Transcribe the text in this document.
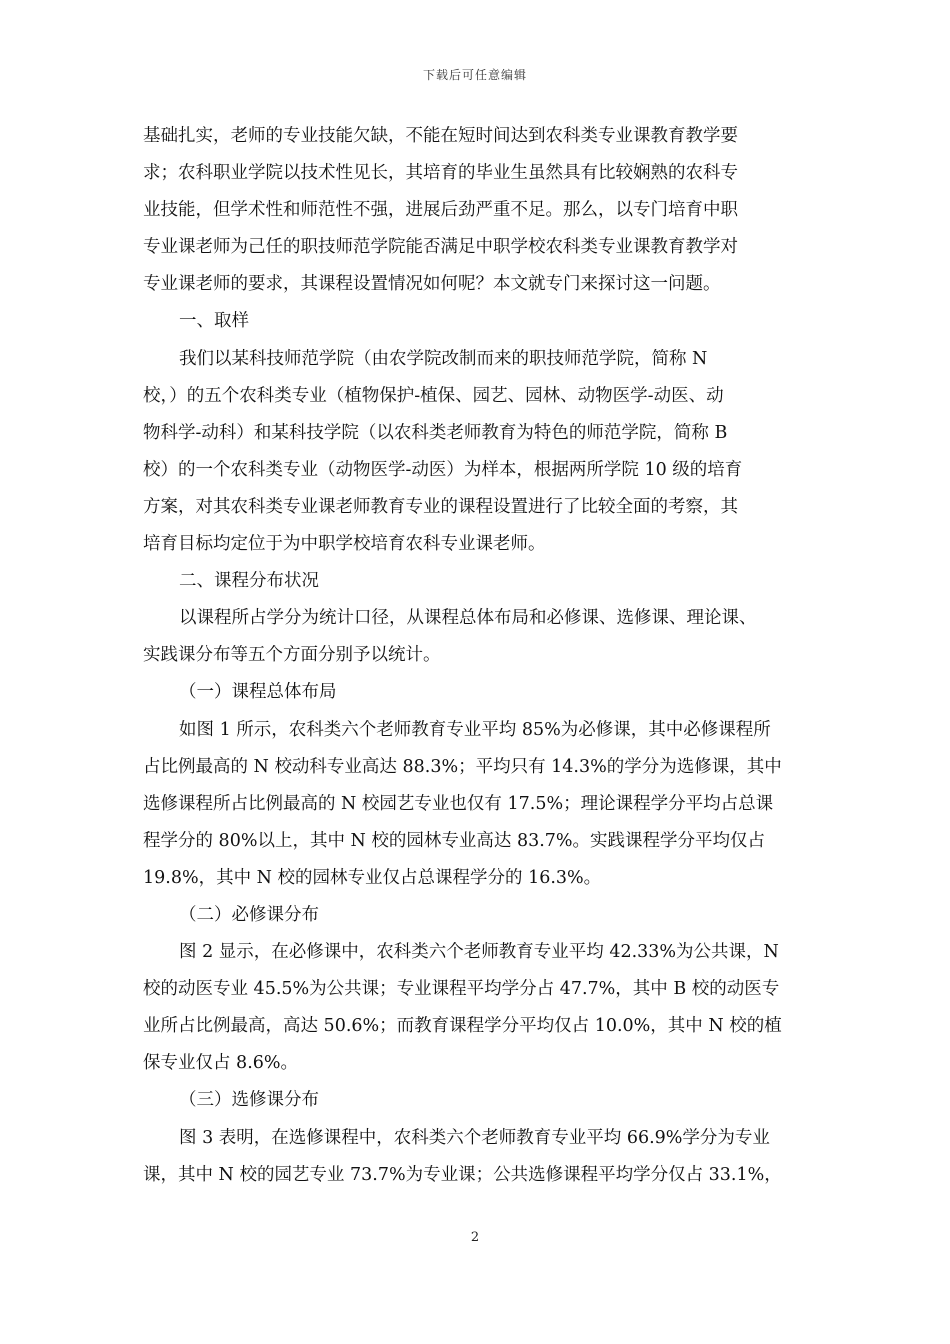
下载后可任意编辑

基础扎实，老师的专业技能欠缺，不能在短时间达到农科类专业课教育教学要
求；农科职业学院以技术性见长，其培育的毕业生虽然具有比较娴熟的农科专
业技能，但学术性和师范性不强，进展后劲严重不足。那么，以专门培育中职
专业课老师为己任的职技师范学院能否满足中职学校农科类专业课教育教学对
专业课老师的要求，其课程设置情况如何呢？本文就专门来探讨这一问题。

一、取样

我们以某科技师范学院（由农学院改制而来的职技师范学院，简称 N
校，）的五个农科类专业（植物保护-植保、园艺、园林、动物医学-动医、动
物科学-动科）和某科技学院（以农科类老师教育为特色的师范学院，简称 B
校）的一个农科类专业（动物医学-动医）为样本，根据两所学院 10 级的培育
方案，对其农科类专业课老师教育专业的课程设置进行了比较全面的考察，其
培育目标均定位于为中职学校培育农科专业课老师。

二、课程分布状况

以课程所占学分为统计口径，从课程总体布局和必修课、选修课、理论课、
实践课分布等五个方面分别予以统计。

（一）课程总体布局

如图 1 所示，农科类六个老师教育专业平均 85%为必修课，其中必修课程所
占比例最高的 N 校动科专业高达 88.3%；平均只有 14.3%的学分为选修课，其中
选修课程所占比例最高的 N 校园艺专业也仅有 17.5%；理论课程学分平均占总课
程学分的 80%以上，其中 N 校的园林专业高达 83.7%。实践课程学分平均仅占
19.8%，其中 N 校的园林专业仅占总课程学分的 16.3%。

（二）必修课分布

图 2 显示，在必修课中，农科类六个老师教育专业平均 42.33%为公共课，N
校的动医专业 45.5%为公共课；专业课程平均学分占 47.7%，其中 B 校的动医专
业所占比例最高，高达 50.6%；而教育课程学分平均仅占 10.0%，其中 N 校的植
保专业仅占 8.6%。

（三）选修课分布

图 3 表明，在选修课程中，农科类六个老师教育专业平均 66.9%学分为专业
课，其中 N 校的园艺专业 73.7%为专业课；公共选修课程平均学分仅占 33.1%，

2
